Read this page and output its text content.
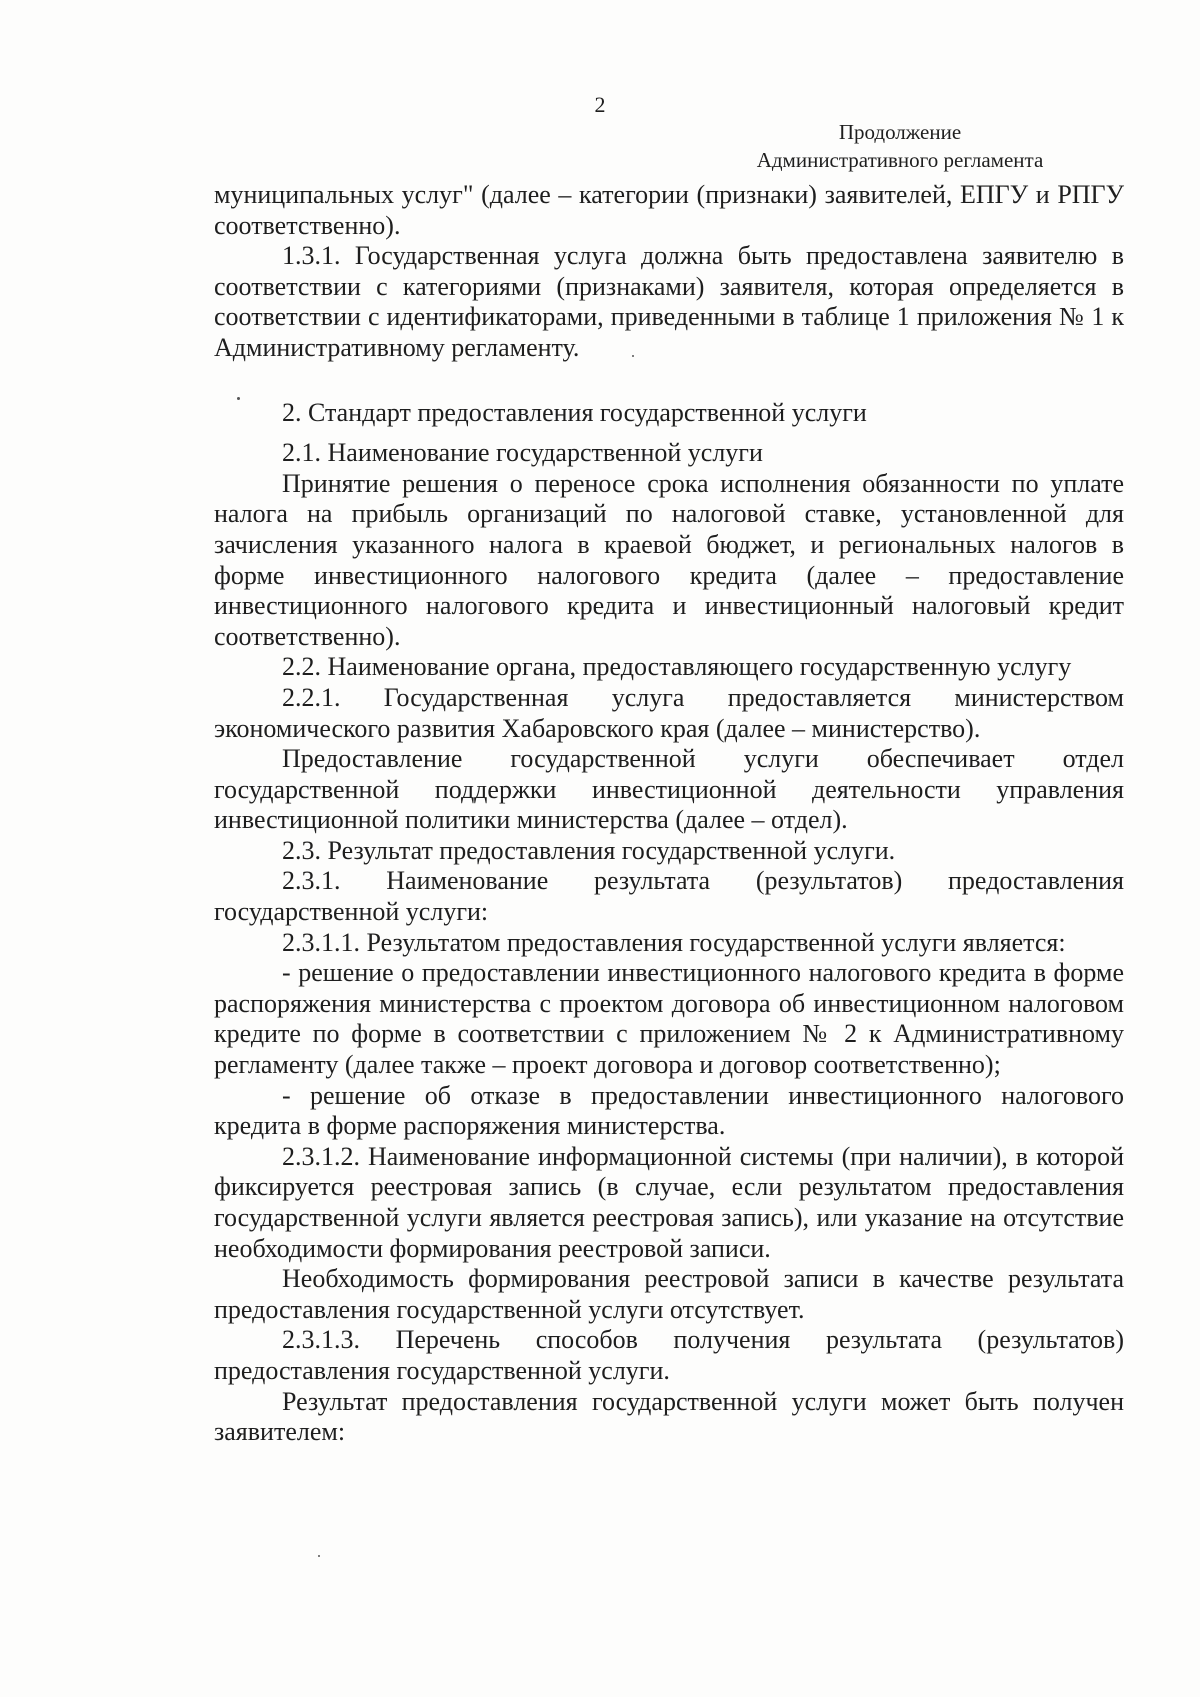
2
Продолжение
Административного регламента

муниципальных услуг" (далее – категории (признаки) заявителей, ЕПГУ и РПГУ соответственно).

1.3.1. Государственная услуга должна быть предоставлена заявителю в соответствии с категориями (признаками) заявителя, которая определяется в соответствии с идентификаторами, приведенными в таблице 1 приложения № 1 к Административному регламенту.

2. Стандарт предоставления государственной услуги

2.1. Наименование государственной услуги

Принятие решения о переносе срока исполнения обязанности по уплате налога на прибыль организаций по налоговой ставке, установленной для зачисления указанного налога в краевой бюджет, и региональных налогов в форме инвестиционного налогового кредита (далее – предоставление инвестиционного налогового кредита и инвестиционный налоговый кредит соответственно).

2.2. Наименование органа, предоставляющего государственную услугу

2.2.1. Государственная услуга предоставляется министерством экономического развития Хабаровского края (далее – министерство).

Предоставление государственной услуги обеспечивает отдел государственной поддержки инвестиционной деятельности управления инвестиционной политики министерства (далее – отдел).

2.3. Результат предоставления государственной услуги.

2.3.1. Наименование результата (результатов) предоставления государственной услуги:

2.3.1.1. Результатом предоставления государственной услуги является:

- решение о предоставлении инвестиционного налогового кредита в форме распоряжения министерства с проектом договора об инвестиционном налоговом кредите по форме в соответствии с приложением № 2 к Административному регламенту (далее также – проект договора и договор соответственно);

- решение об отказе в предоставлении инвестиционного налогового кредита в форме распоряжения министерства.

2.3.1.2. Наименование информационной системы (при наличии), в которой фиксируется реестровая запись (в случае, если результатом предоставления государственной услуги является реестровая запись), или указание на отсутствие необходимости формирования реестровой записи.

Необходимость формирования реестровой записи в качестве результата предоставления государственной услуги отсутствует.

2.3.1.3. Перечень способов получения результата (результатов) предоставления государственной услуги.

Результат предоставления государственной услуги может быть получен заявителем:
